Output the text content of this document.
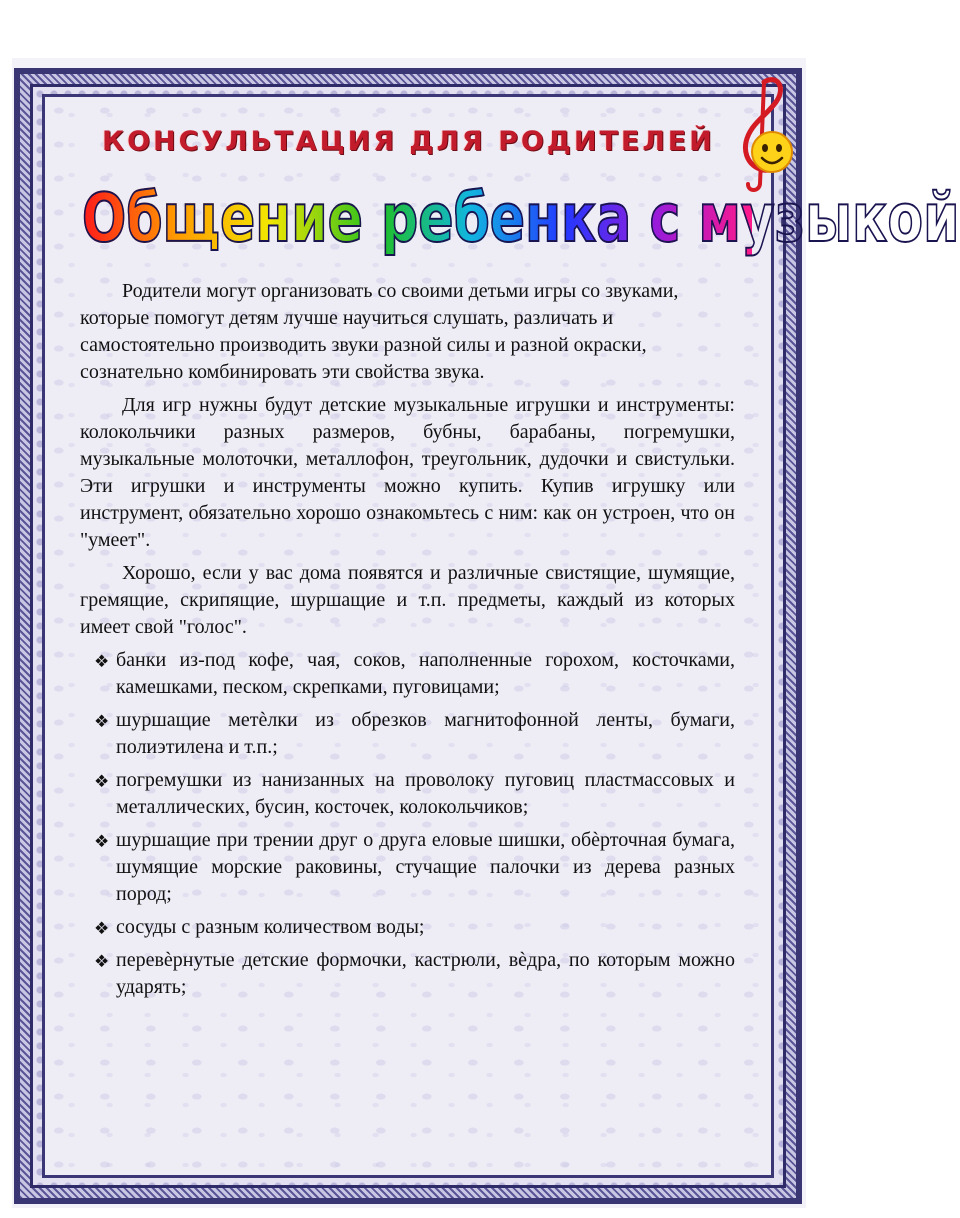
КОНСУЛЬТАЦИЯ ДЛЯ РОДИТЕЛЕЙ
Общение ребенка с музыкой

Родители могут организовать со своими детьми игры со звуками, которые помогут детям лучше научиться слушать, различать и самостоятельно производить звуки разной силы и разной окраски, сознательно комбинировать эти свойства звука.

Для игр нужны будут детские музыкальные игрушки и инструменты: колокольчики разных размеров, бубны, барабаны, погремушки, музыкальные молоточки, металлофон, треугольник, дудочки и свистульки. Эти игрушки и инструменты можно купить. Купив игрушку или инструмент, обязательно хорошо ознакомьтесь с ним: как он устроен, что он "умеет".

Хорошо, если у вас дома появятся и различные свистящие, шумящие, гремящие, скрипящие, шуршащие и т.п. предметы, каждый из которых имеет свой "голос".

❖ банки из-под кофе, чая, соков, наполненные горохом, косточками, камешками, песком, скрепками, пуговицами;
❖ шуршащие метѐлки из обрезков магнитофонной ленты, бумаги, полиэтилена и т.п.;
❖ погремушки из нанизанных на проволоку пуговиц пластмассовых и металлических, бусин, косточек, колокольчиков;
❖ шуршащие при трении друг о друга еловые шишки, обѐрточная бумага, шумящие морские раковины, стучащие палочки из дерева разных пород;
❖ сосуды с разным количеством воды;
❖ перевѐрнутые детские формочки, кастрюли, вѐдра, по которым можно ударять;
